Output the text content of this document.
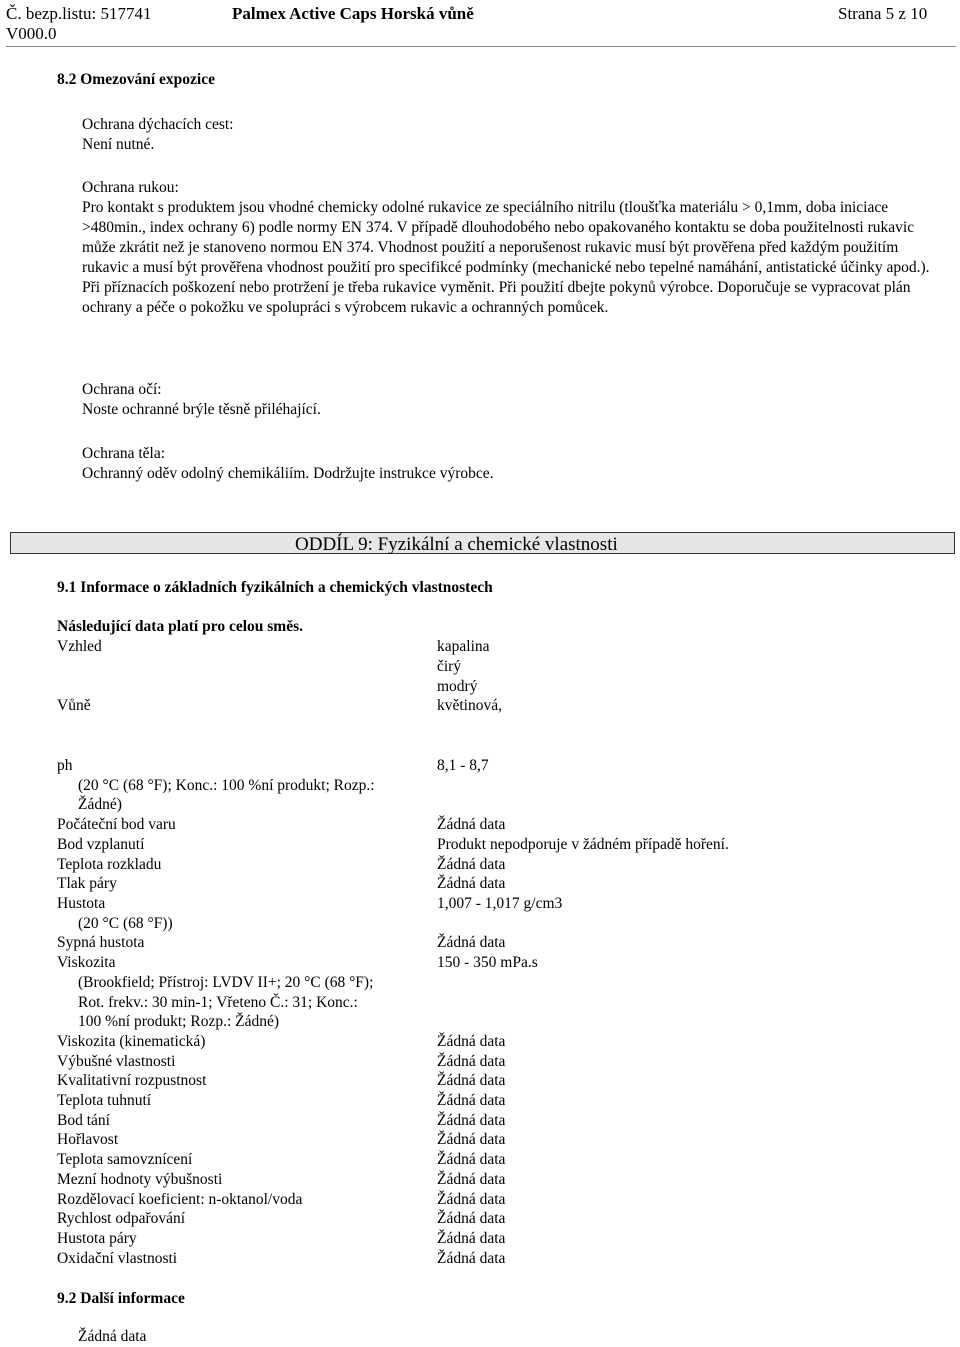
Č. bezp.listu: 517741
V000.0
Palmex Active Caps Horská vůně	Strana 5 z 10
8.2 Omezování expozice
Ochrana dýchacích cest:
Není nutné.
Ochrana rukou:
Pro kontakt s produktem jsou vhodné chemicky odolné rukavice ze speciálního nitrilu (tloušťka materiálu > 0,1mm, doba iniciace >480min., index ochrany 6) podle normy EN 374. V případě dlouhodobého nebo opakovaného kontaktu se doba použitelnosti rukavic může zkrátit než je stanoveno normou EN 374. Vhodnost použití a neporušenost rukavic musí být prověřena před každým použitím rukavic a musí být prověřena vhodnost použití pro specifikcé podmínky (mechanické nebo tepelné namáhání, antistatické účinky apod.). Při příznacích poškození nebo protržení je třeba rukavice vyměnit. Při použití dbejte pokynů výrobce. Doporučuje se vypracovat plán ochrany a péče o pokožku ve spolupráci s výrobcem rukavic a ochranných pomůcek.
Ochrana očí:
Noste ochranné brýle těsně přiléhající.
Ochrana těla:
Ochranný oděv odolný chemikáliím. Dodržujte instrukce výrobce.
ODDÍL 9: Fyzikální a chemické vlastnosti
9.1 Informace o základních fyzikálních a chemických vlastnostech
Následující data platí pro celou směs.
Vzhled	kapalina
čirý
modrý
Vůně	květinová,
ph	8,1 - 8,7
(20 °C (68 °F); Konc.: 100 %ní produkt; Rozp.:
Žádné)
Počáteční bod varu	Žádná data
Bod vzplanutí	Produkt nepodporuje v žádném případě hoření.
Teplota rozkladu	Žádná data
Tlak páry	Žádná data
Hustota	1,007 - 1,017 g/cm3
(20 °C (68 °F))
Sypná hustota	Žádná data
Viskozita	150 - 350 mPa.s
(Brookfield; Přístroj: LVDV II+; 20 °C (68 °F);
Rot. frekv.: 30 min-1; Vřeteno Č.: 31; Konc.:
100 %ní produkt; Rozp.: Žádné)
Viskozita (kinematická)	Žádná data
Výbušné vlastnosti	Žádná data
Kvalitativní rozpustnost	Žádná data
Teplota tuhnutí	Žádná data
Bod tání	Žádná data
Hořlavost	Žádná data
Teplota samovznícení	Žádná data
Mezní hodnoty výbušnosti	Žádná data
Rozdělovací koeficient: n-oktanol/voda	Žádná data
Rychlost odpařování	Žádná data
Hustota páry	Žádná data
Oxidační vlastnosti	Žádná data
9.2 Další informace
Žádná data
